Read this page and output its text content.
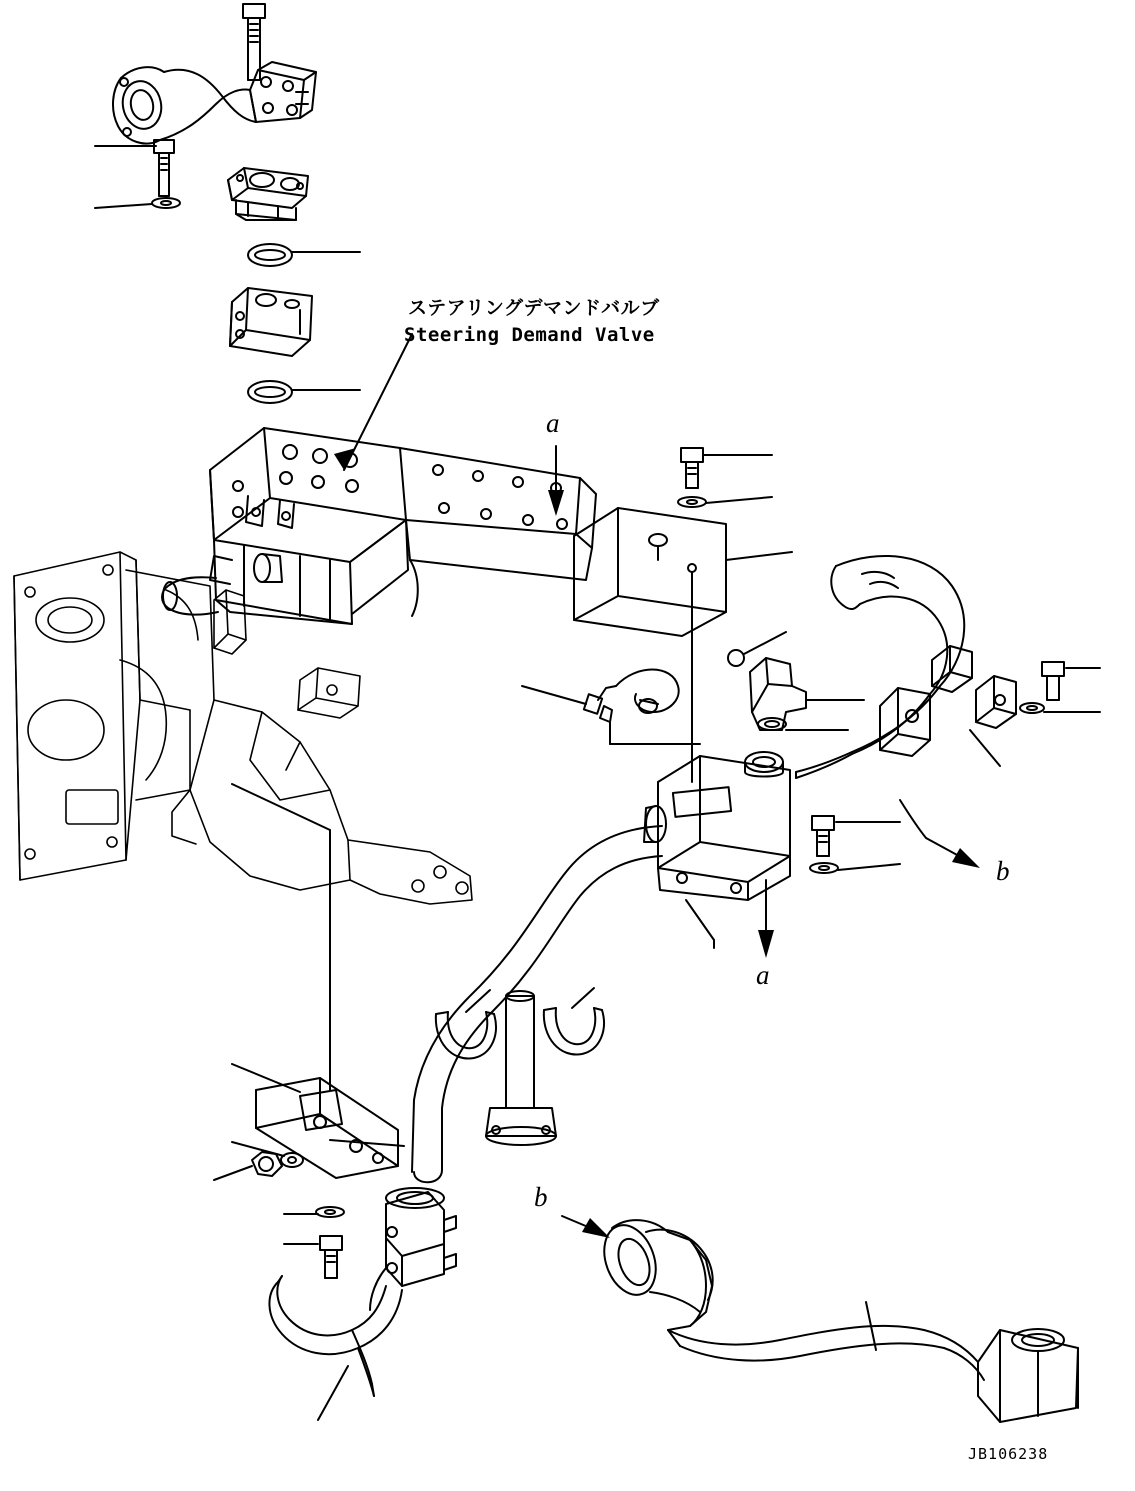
ステアリングデマンドバルブ
Steering Demand Valve
a
a
b
b
JB106238
